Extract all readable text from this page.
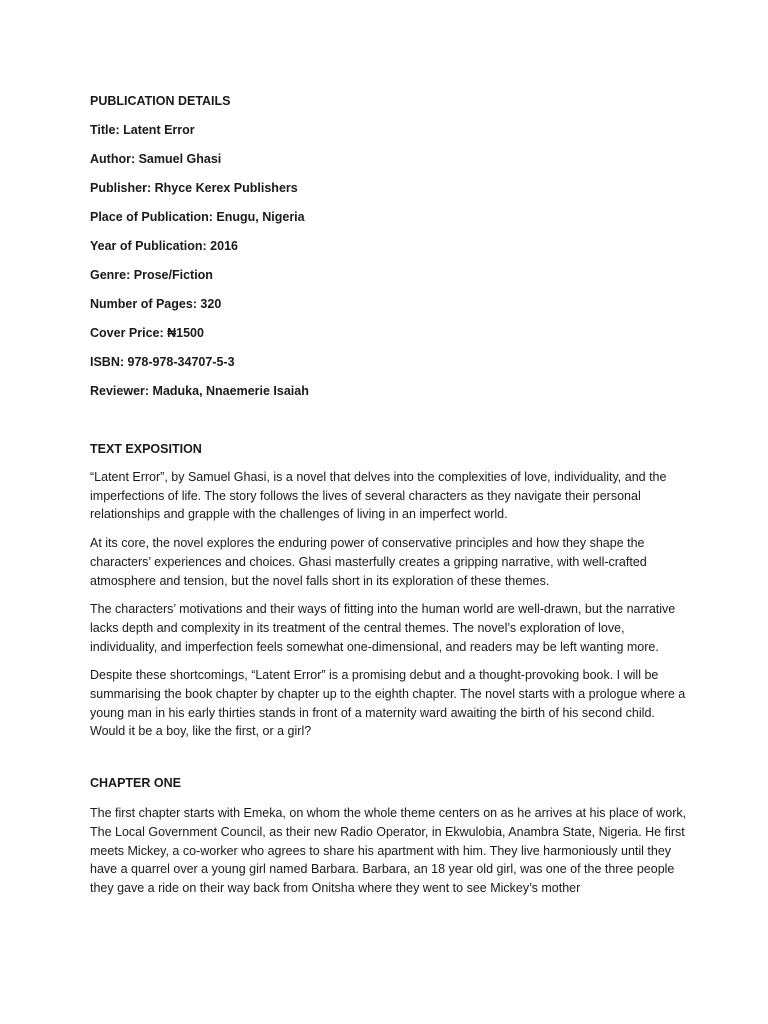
PUBLICATION DETAILS

Title: Latent Error

Author: Samuel Ghasi

Publisher: Rhyce Kerex Publishers

Place of Publication: Enugu, Nigeria

Year of Publication: 2016

Genre: Prose/Fiction

Number of Pages: 320

Cover Price: ₦1500

ISBN: 978-978-34707-5-3

Reviewer: Maduka, Nnaemerie Isaiah

TEXT EXPOSITION

“Latent Error”, by Samuel Ghasi, is a novel that delves into the complexities of love, individuality, and the imperfections of life. The story follows the lives of several characters as they navigate their personal relationships and grapple with the challenges of living in an imperfect world.

At its core, the novel explores the enduring power of conservative principles and how they shape the characters’ experiences and choices. Ghasi masterfully creates a gripping narrative, with well-crafted atmosphere and tension, but the novel falls short in its exploration of these themes.

The characters’ motivations and their ways of fitting into the human world are well-drawn, but the narrative lacks depth and complexity in its treatment of the central themes. The novel’s exploration of love, individuality, and imperfection feels somewhat one-dimensional, and readers may be left wanting more.

Despite these shortcomings, “Latent Error” is a promising debut and a thought-provoking book. I will be summarising the book chapter by chapter up to the eighth chapter. The novel starts with a prologue where a young man in his early thirties stands in front of a maternity ward awaiting the birth of his second child. Would it be a boy, like the first, or a girl?

CHAPTER ONE

The first chapter starts with Emeka, on whom the whole theme centers on as he arrives at his place of work, The Local Government Council, as their new Radio Operator, in Ekwulobia, Anambra State, Nigeria. He first meets Mickey, a co-worker who agrees to share his apartment with him. They live harmoniously until they have a quarrel over a young girl named Barbara. Barbara, an 18 year old girl, was one of the three people they gave a ride on their way back from Onitsha where they went to see Mickey’s mother
